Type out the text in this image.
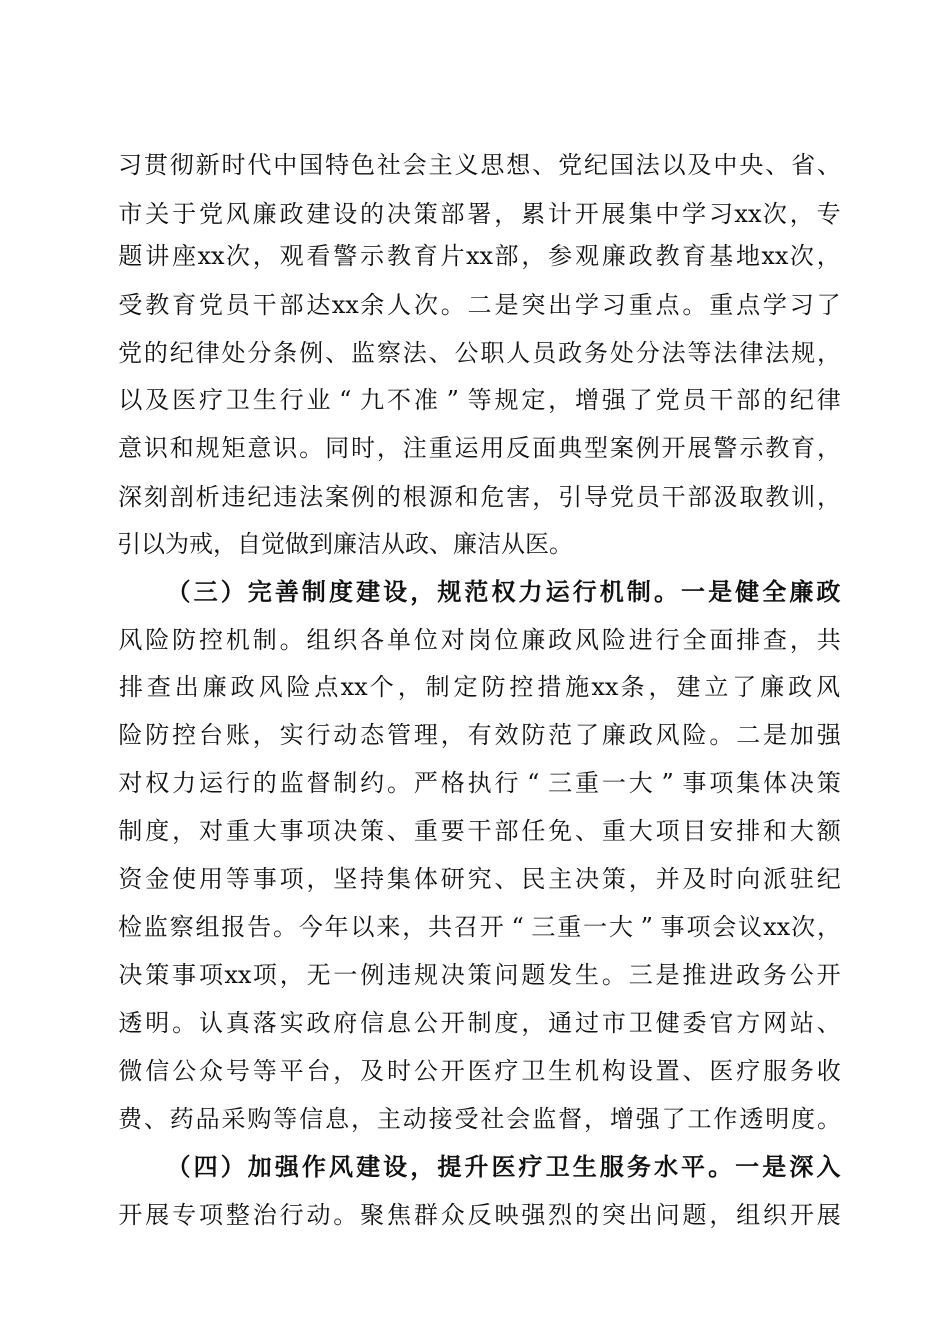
习 贯 彻 新 时 代 中 国 特 色 社 会 主 义 思 想 、 党 纪 国 法 以 及 中 央 、 省 、
市 关 于 党 风 廉 政 建 设 的 决 策 部 署 ， 累 计 开 展 集 中 学 习 xx 次 ， 专
题 讲 座 xx 次 ， 观 看 警 示 教 育 片 xx 部 ， 参 观 廉 政 教 育 基 地 xx 次 ，
受 教 育 党 员 干 部 达 xx 余 人 次 。 二 是 突 出 学 习 重 点 。 重 点 学 习 了
党 的 纪 律 处 分 条 例 、 监 察 法 、 公 职 人 员 政 务 处 分 法 等 法 律 法 规 ，
以 及 医 疗 卫 生 行 业 “ 九 不 准 ” 等 规 定 ， 增 强 了 党 员 干 部 的 纪 律
意 识 和 规 矩 意 识 。 同 时 ， 注 重 运 用 反 面 典 型 案 例 开 展 警 示 教 育 ，
深 刻 剖 析 违 纪 违 法 案 例 的 根 源 和 危 害 ， 引 导 党 员 干 部 汲 取 教 训 ，
引以为戒，自觉做到廉洁从政、廉洁从医。
（ 三 ） 完 善 制 度 建 设 ， 规 范 权 力 运 行 机 制 。 一 是 健 全 廉 政
风 险 防 控 机 制 。 组 织 各 单 位 对 岗 位 廉 政 风 险 进 行 全 面 排 查 ， 共
排 查 出 廉 政 风 险 点 xx 个 ， 制 定 防 控 措 施 xx 条 ， 建 立 了 廉 政 风
险 防 控 台 账 ， 实 行 动 态 管 理 ， 有 效 防 范 了 廉 政 风 险 。 二 是 加 强
对 权 力 运 行 的 监 督 制 约 。 严 格 执 行 “ 三 重 一 大 ” 事 项 集 体 决 策
制 度 ， 对 重 大 事 项 决 策 、 重 要 干 部 任 免 、 重 大 项 目 安 排 和 大 额
资 金 使 用 等 事 项 ， 坚 持 集 体 研 究 、 民 主 决 策 ， 并 及 时 向 派 驻 纪
检 监 察 组 报 告 。 今 年 以 来 ， 共 召 开 “ 三 重 一 大 ” 事 项 会 议 xx 次 ，
决 策 事 项 xx 项 ， 无 一 例 违 规 决 策 问 题 发 生 。 三 是 推 进 政 务 公 开
透 明 。 认 真 落 实 政 府 信 息 公 开 制 度 ， 通 过 市 卫 健 委 官 方 网 站 、
微 信 公 众 号 等 平 台 ， 及 时 公 开 医 疗 卫 生 机 构 设 置 、 医 疗 服 务 收
费 、 药 品 采 购 等 信 息 ， 主 动 接 受 社 会 监 督 ， 增 强 了 工 作 透 明 度 。
（ 四 ） 加 强 作 风 建 设 ， 提 升 医 疗 卫 生 服 务 水 平 。 一 是 深 入
开 展 专 项 整 治 行 动 。 聚 焦 群 众 反 映 强 烈 的 突 出 问 题 ， 组 织 开 展
